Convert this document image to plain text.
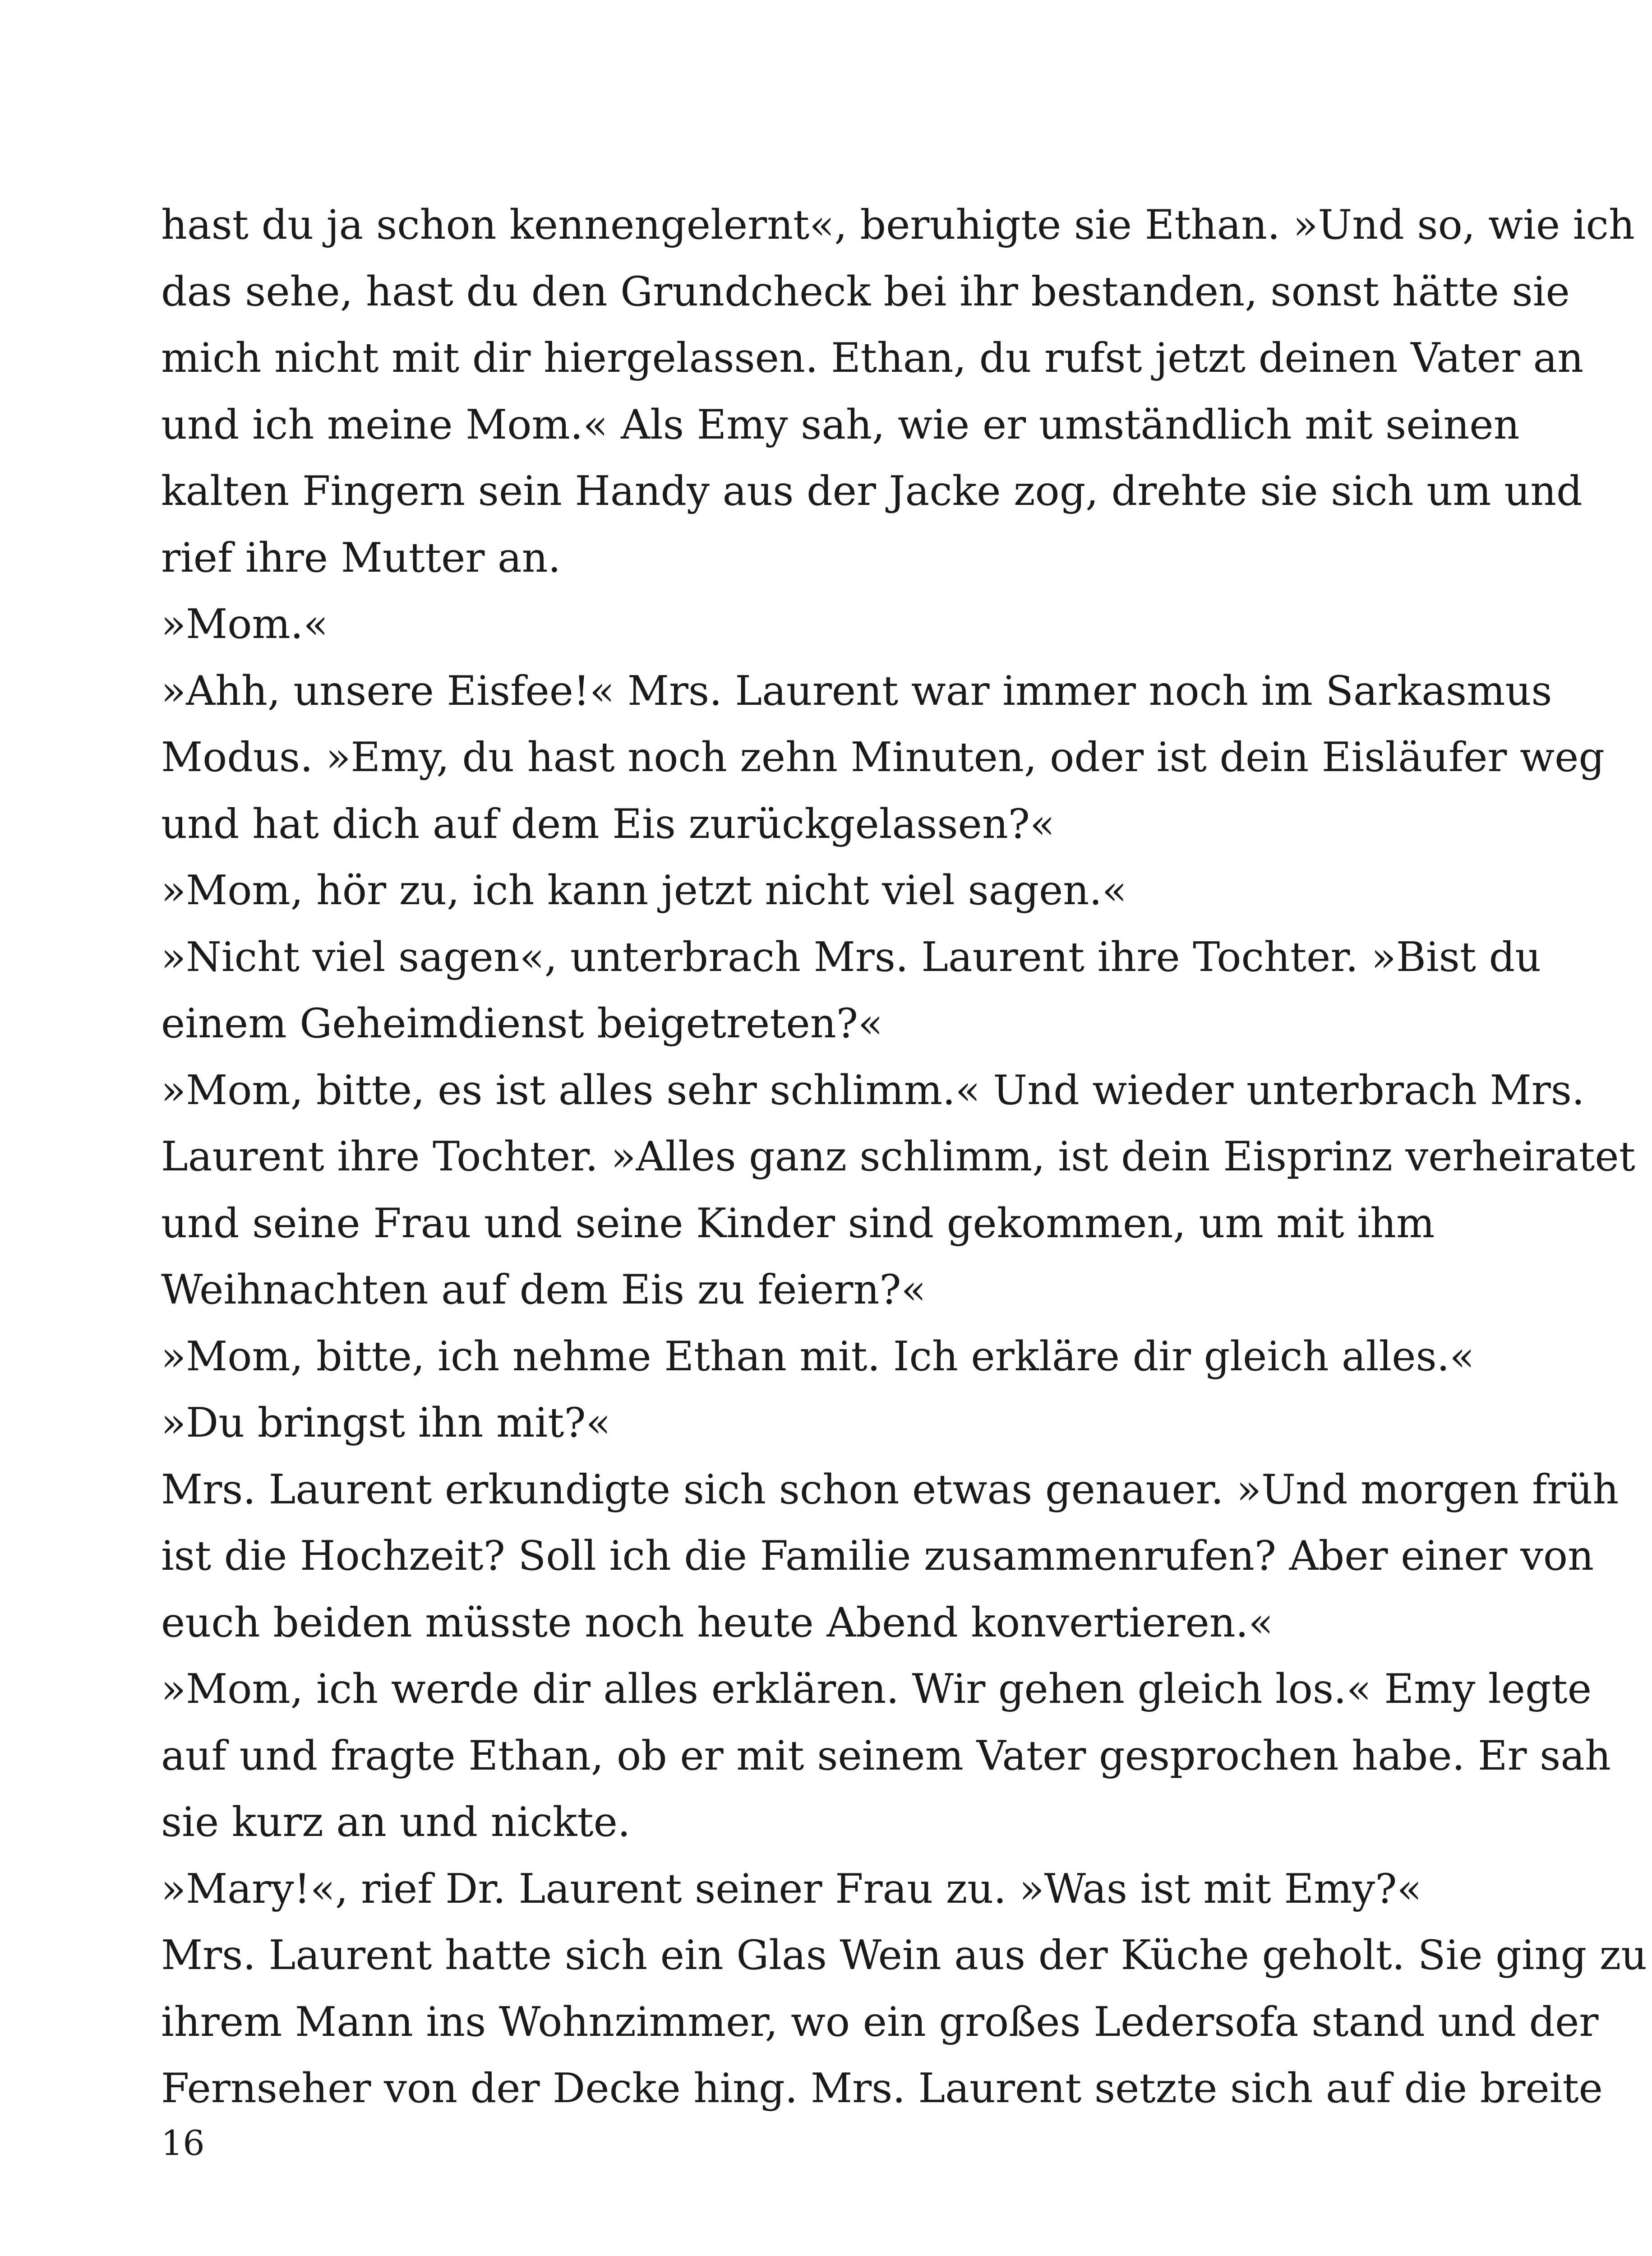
hast du ja schon kennengelernt«, beruhigte sie Ethan. »Und so, wie ich
das sehe, hast du den Grundcheck bei ihr bestanden, sonst hätte sie
mich nicht mit dir hiergelassen. Ethan, du rufst jetzt deinen Vater an
und ich meine Mom.« Als Emy sah, wie er umständlich mit seinen
kalten Fingern sein Handy aus der Jacke zog, drehte sie sich um und
rief ihre Mutter an.
»Mom.«
»Ahh, unsere Eisfee!« Mrs. Laurent war immer noch im Sarkasmus
Modus. »Emy, du hast noch zehn Minuten, oder ist dein Eisläufer weg
und hat dich auf dem Eis zurückgelassen?«
»Mom, hör zu, ich kann jetzt nicht viel sagen.«
»Nicht viel sagen«, unterbrach Mrs. Laurent ihre Tochter. »Bist du
einem Geheimdienst beigetreten?«
»Mom, bitte, es ist alles sehr schlimm.« Und wieder unterbrach Mrs.
Laurent ihre Tochter. »Alles ganz schlimm, ist dein Eisprinz verheiratet
und seine Frau und seine Kinder sind gekommen, um mit ihm
Weihnachten auf dem Eis zu feiern?«
»Mom, bitte, ich nehme Ethan mit. Ich erkläre dir gleich alles.«
»Du bringst ihn mit?«
Mrs. Laurent erkundigte sich schon etwas genauer. »Und morgen früh
ist die Hochzeit? Soll ich die Familie zusammenrufen? Aber einer von
euch beiden müsste noch heute Abend konvertieren.«
»Mom, ich werde dir alles erklären. Wir gehen gleich los.« Emy legte
auf und fragte Ethan, ob er mit seinem Vater gesprochen habe. Er sah
sie kurz an und nickte.
»Mary!«, rief Dr. Laurent seiner Frau zu. »Was ist mit Emy?«
Mrs. Laurent hatte sich ein Glas Wein aus der Küche geholt. Sie ging zu
ihrem Mann ins Wohnzimmer, wo ein großes Ledersofa stand und der
Fernseher von der Decke hing. Mrs. Laurent setzte sich auf die breite
16
